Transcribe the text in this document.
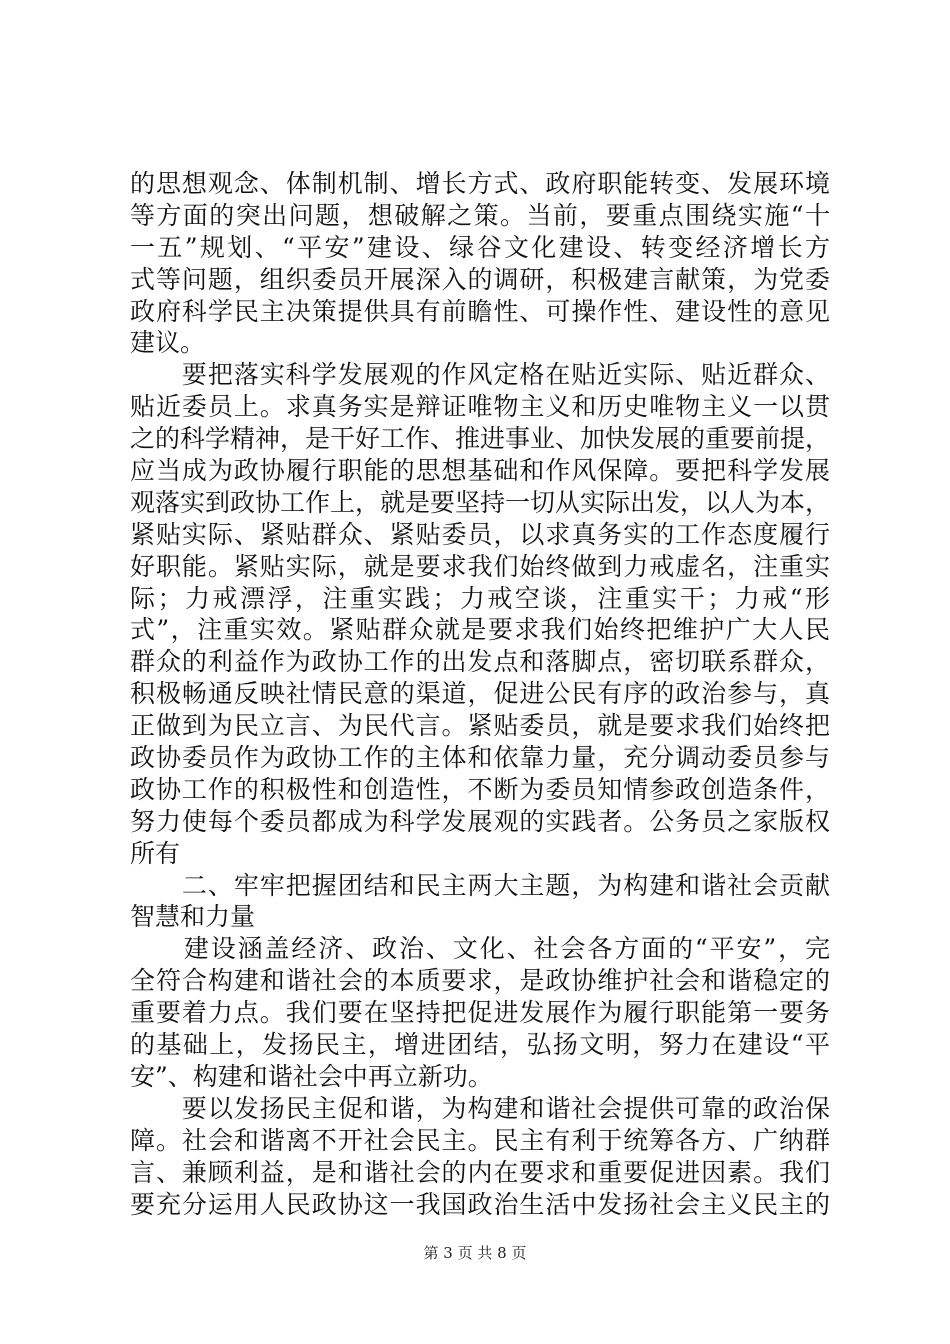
的思想观念、体制机制、增长方式、政府职能转变、发展环境
等方面的突出问题，想破解之策。当前，要重点围绕实施“十
一五”规划、“平安”建设、绿谷文化建设、转变经济增长方
式等问题，组织委员开展深入的调研，积极建言献策，为党委
政府科学民主决策提供具有前瞻性、可操作性、建设性的意见
建议。
　　要把落实科学发展观的作风定格在贴近实际、贴近群众、
贴近委员上。求真务实是辩证唯物主义和历史唯物主义一以贯
之的科学精神，是干好工作、推进事业、加快发展的重要前提，
应当成为政协履行职能的思想基础和作风保障。要把科学发展
观落实到政协工作上，就是要坚持一切从实际出发，以人为本，
紧贴实际、紧贴群众、紧贴委员，以求真务实的工作态度履行
好职能。紧贴实际，就是要求我们始终做到力戒虚名，注重实
际；力戒漂浮，注重实践；力戒空谈，注重实干；力戒“形
式”，注重实效。紧贴群众就是要求我们始终把维护广大人民
群众的利益作为政协工作的出发点和落脚点，密切联系群众，
积极畅通反映社情民意的渠道，促进公民有序的政治参与，真
正做到为民立言、为民代言。紧贴委员，就是要求我们始终把
政协委员作为政协工作的主体和依靠力量，充分调动委员参与
政协工作的积极性和创造性，不断为委员知情参政创造条件，
努力使每个委员都成为科学发展观的实践者。公务员之家版权
所有
　　二、牢牢把握团结和民主两大主题，为构建和谐社会贡献
智慧和力量
　　建设涵盖经济、政治、文化、社会各方面的“平安”，完
全符合构建和谐社会的本质要求，是政协维护社会和谐稳定的
重要着力点。我们要在坚持把促进发展作为履行职能第一要务
的基础上，发扬民主，增进团结，弘扬文明，努力在建设“平
安”、构建和谐社会中再立新功。
　　要以发扬民主促和谐，为构建和谐社会提供可靠的政治保
障。社会和谐离不开社会民主。民主有利于统筹各方、广纳群
言、兼顾利益，是和谐社会的内在要求和重要促进因素。我们
要充分运用人民政协这一我国政治生活中发扬社会主义民主的
第 3 页 共 8 页
